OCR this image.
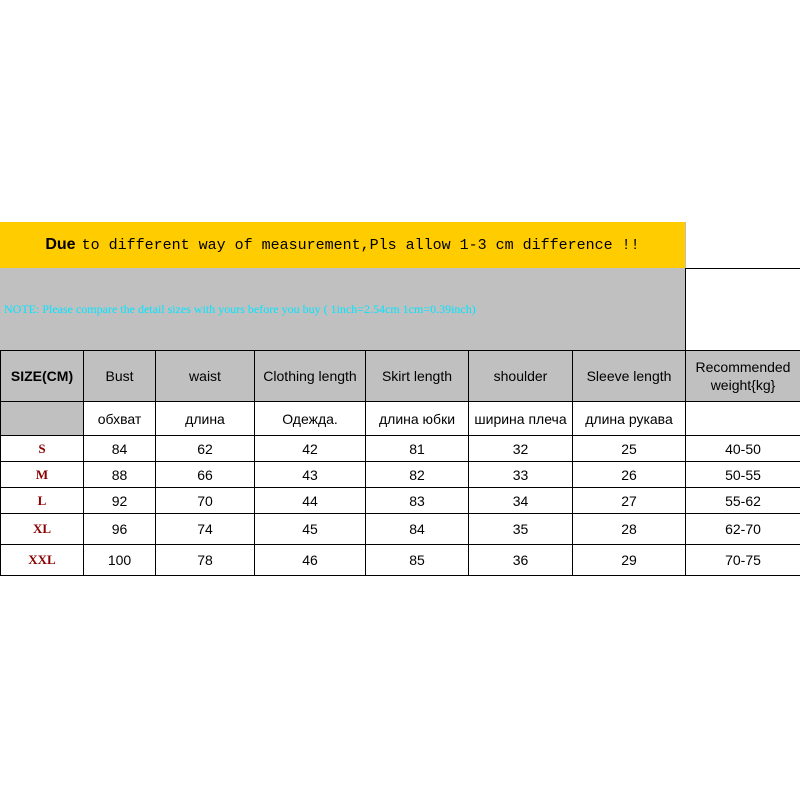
Due to different way of measurement,Pls allow 1-3 cm difference !!
NOTE: Please compare the detail sizes with yours before you buy ( 1inch=2.54cm 1cm=0.39inch)
SIZE(CM)	Bust	waist	Clothing length	Skirt length	shoulder	Sleeve length	Recommended weight{kg}
	обхват	длина	Одежда.	длина юбки	ширина плеча	длина рукава	
S	84	62	42	81	32	25	40-50
M	88	66	43	82	33	26	50-55
L	92	70	44	83	34	27	55-62
XL	96	74	45	84	35	28	62-70
XXL	100	78	46	85	36	29	70-75
